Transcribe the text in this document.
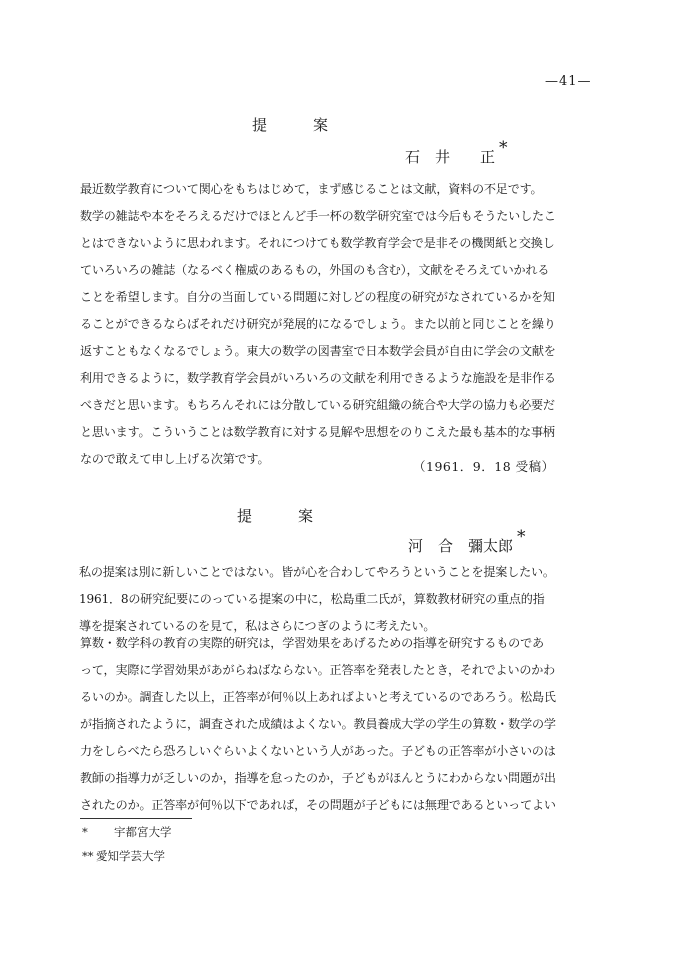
—41—
提案
石　井　　正 *

最近数学教育について関心をもちはじめて，まず感じることは文献，資料の不足です。
数学の雑誌や本をそろえるだけでほとんど手一杯の数学研究室では今后もそうたいしたこ
とはできないように思われます。それにつけても数学教育学会で是非その機関紙と交換し
ていろいろの雑誌（なるべく権威のあるもの，外国のも含む），文献をそろえていかれる
ことを希望します。自分の当面している問題に対しどの程度の研究がなされているかを知
ることができるならばそれだけ研究が発展的になるでしょう。また以前と同じことを繰り
返すこともなくなるでしょう。東大の数学の図書室で日本数学会員が自由に学会の文献を
利用できるように，数学教育学会員がいろいろの文献を利用できるような施設を是非作る
べきだと思います。もちろんそれには分散している研究組織の統合や大学の協力も必要だ
と思います。こういうことは数学教育に対する見解や思想をのりこえた最も基本的な事柄
なので敢えて申し上げる次第です。	（1961．9．18 受稿）
提案
河　合　彌太郎 *

私の提案は別に新しいことではない。皆が心を合わしてやろうということを提案したい。
1961．8の研究紀要にのっている提案の中に，松島重二氏が，算数教材研究の重点的指
導を提案されているのを見て，私はさらにつぎのように考えたい。

算数・数学科の教育の実際的研究は，学習効果をあげるための指導を研究するものであ
って，実際に学習効果があがらねばならない。正答率を発表したとき，それでよいのかわ
るいのか。調査した以上，正答率が何％以上あればよいと考えているのであろう。松島氏
が指摘されたように，調査された成績はよくない。教員養成大学の学生の算数・数学の学
力をしらべたら恐ろしいぐらいよくないという人があった。子どもの正答率が小さいのは
教師の指導力が乏しいのか，指導を怠ったのか，子どもがほんとうにわからない問題が出
されたのか。正答率が何％以下であれば，その問題が子どもには無理であるといってよい

* 宇都宮大学
** 愛知学芸大学
